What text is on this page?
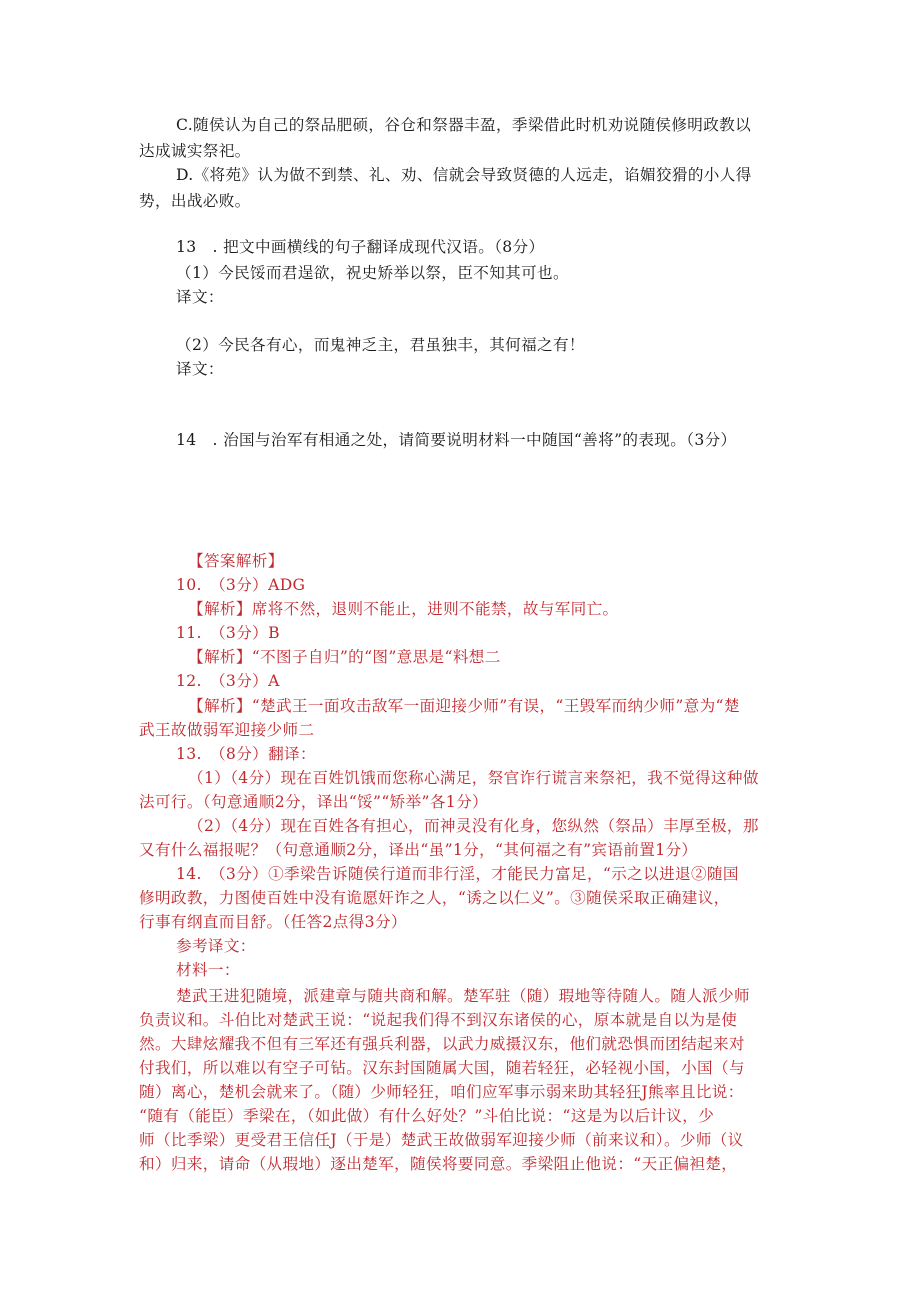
C.随侯认为自己的祭品肥硕，谷仓和祭器丰盈，季梁借此时机劝说随侯修明政教以
达成诚实祭祀。
D.《将苑》认为做不到禁、礼、劝、信就会导致贤德的人远走，谄媚狡猾的小人得
势，出战必败。
13　. 把文中画横线的句子翻译成现代汉语。（8分）
（1）今民馁而君逞欲，祝史矫举以祭，臣不知其可也。
译文：
（2）今民各有心，而鬼神乏主，君虽独丰，其何福之有！
译文：
14　. 治国与治军有相通之处，请简要说明材料一中随国“善将”的表现。（3分）
【答案解析】
10.　（3分）ADG
【解析】席将不然，退则不能止，进则不能禁，故与军同亡。
11.　（3分）B
【解析】“不图子自归”的“图”意思是“料想二
12.　（3分）A
【解析】“楚武王一面攻击敌军一面迎接少师”有误，“王毁军而纳少师”意为“楚
武王故做弱军迎接少师二
13.　（8分）翻译：
（1）（4分）现在百姓饥饿而您称心满足，祭官诈行谎言来祭祀，我不觉得这种做
法可行。（句意通顺2分，译出“馁”“矫举”各1分）
（2）（4分）现在百姓各有担心，而神灵没有化身，您纵然（祭品）丰厚至极，那
又有什么福报呢？（句意通顺2分，译出“虽”1分，“其何福之有”宾语前置1分）
14.　（3分）①季梁告诉随侯行道而非行淫，才能民力富足，“示之以进退②随国
修明政教，力图使百姓中没有诡愿奸诈之人，“诱之以仁义”。③随侯采取正确建议，
行事有纲直而目舒。（任答2点得3分）
参考译文：
材料一：
楚武王进犯随境，派建章与随共商和解。楚军驻（随）瑕地等待随人。随人派少师
负责议和。斗伯比对楚武王说：“说起我们得不到汉东诸侯的心，原本就是自以为是使
然。大肆炫耀我不但有三军还有强兵利器，以武力威摄汉东，他们就恐惧而团结起来对
付我们，所以难以有空子可钻。汉东封国随属大国，随若轻狂，必轻视小国，小国（与
随）离心，楚机会就来了。（随）少师轻狂，咱们应军事示弱来助其轻狂J熊率且比说：
“随有（能臣）季梁在，（如此做）有什么好处？”斗伯比说：“这是为以后计议，少
师（比季梁）更受君王信任J（于是）楚武王故做弱军迎接少师（前来议和）。少师（议
和）归来，请命（从瑕地）逐出楚军，随侯将要同意。季梁阻止他说：“天正偏袒楚，
